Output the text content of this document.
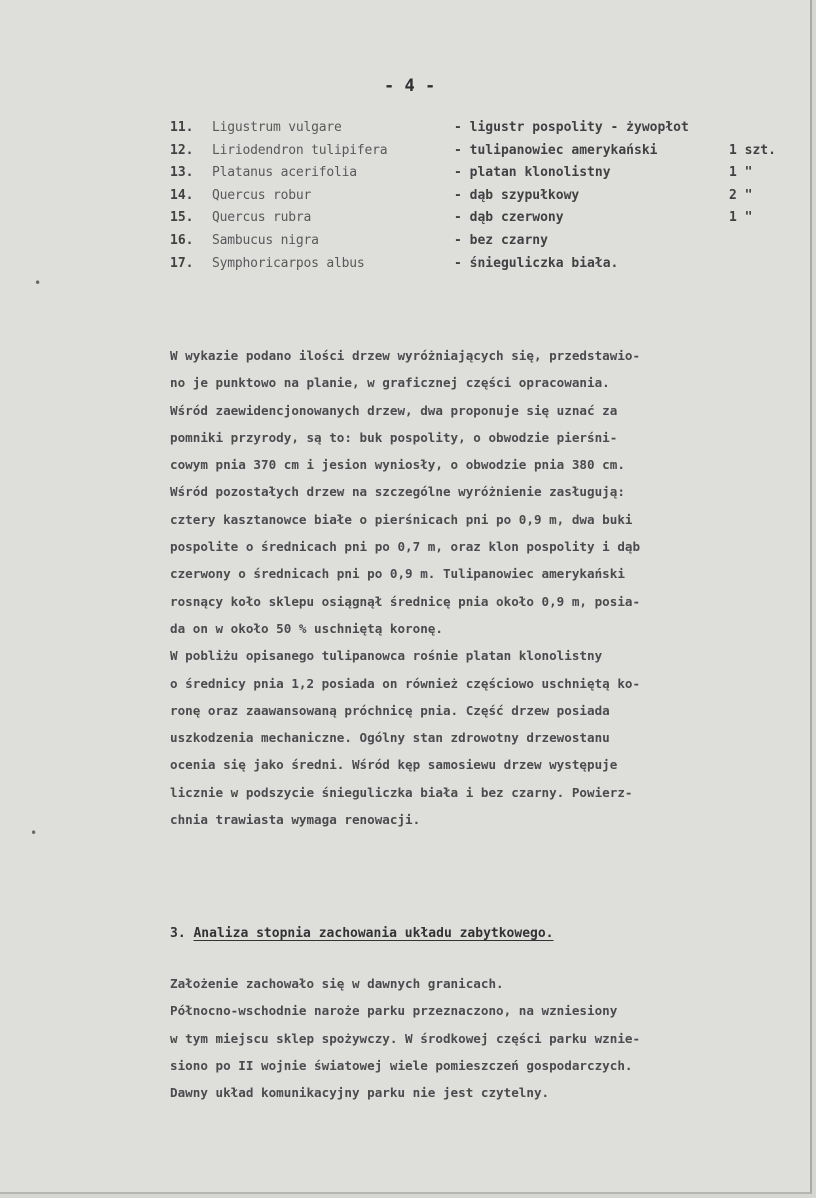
- 4 -
11. Ligustrum vulgare	- ligustr pospolity - żywopłot
12. Liriodendron tulipifera	- tulipanowiec amerykański	1 szt.
13. Platanus acerifolia	- platan klonolistny	1 "
14. Quercus robur	- dąb szypułkowy	2 "
15. Quercus rubra	- dąb czerwony	1 "
16. Sambucus nigra	- bez czarny
17. Symphoricarpos albus	- śnieguliczka biała.
W wykazie podano ilości drzew wyróżniających się, przedstawio-
no je punktowo na planie, w graficznej części opracowania.
Wśród zaewidencjonowanych drzew, dwa proponuje się uznać za
pomniki przyrody, są to: buk pospolity, o obwodzie pierśni-
cowym pnia 370 cm i jesion wyniosły, o obwodzie pnia 380 cm.
Wśród pozostałych drzew na szczególne wyróżnienie zasługują:
cztery kasztanowce białe o pierśnicach pni po 0,9 m, dwa buki
pospolite o średnicach pni po 0,7 m, oraz klon pospolity i dąb
czerwony o średnicach pni po 0,9 m. Tulipanowiec amerykański
rosnący koło sklepu osiągnął średnicę pnia około 0,9 m, posia-
da on w około 50 % uschniętą koronę.
W pobliżu opisanego tulipanowca rośnie platan klonolistny
o średnicy pnia 1,2 posiada on również częściowo uschniętą ko-
ronę oraz zaawansowaną próchnicę pnia. Część drzew posiada
uszkodzenia mechaniczne. Ogólny stan zdrowotny drzewostanu
ocenia się jako średni. Wśród kęp samosiewu drzew występuje
licznie w podszycie śnieguliczka biała i bez czarny. Powierz-
chnia trawiasta wymaga renowacji.
3. Analiza stopnia zachowania układu zabytkowego.
Założenie zachowało się w dawnych granicach.
Północno-wschodnie naroże parku przeznaczono, na wzniesiony
w tym miejscu sklep spożywczy. W środkowej części parku wznie-
siono po II wojnie światowej wiele pomieszczeń gospodarczych.
Dawny układ komunikacyjny parku nie jest czytelny.
•
•
